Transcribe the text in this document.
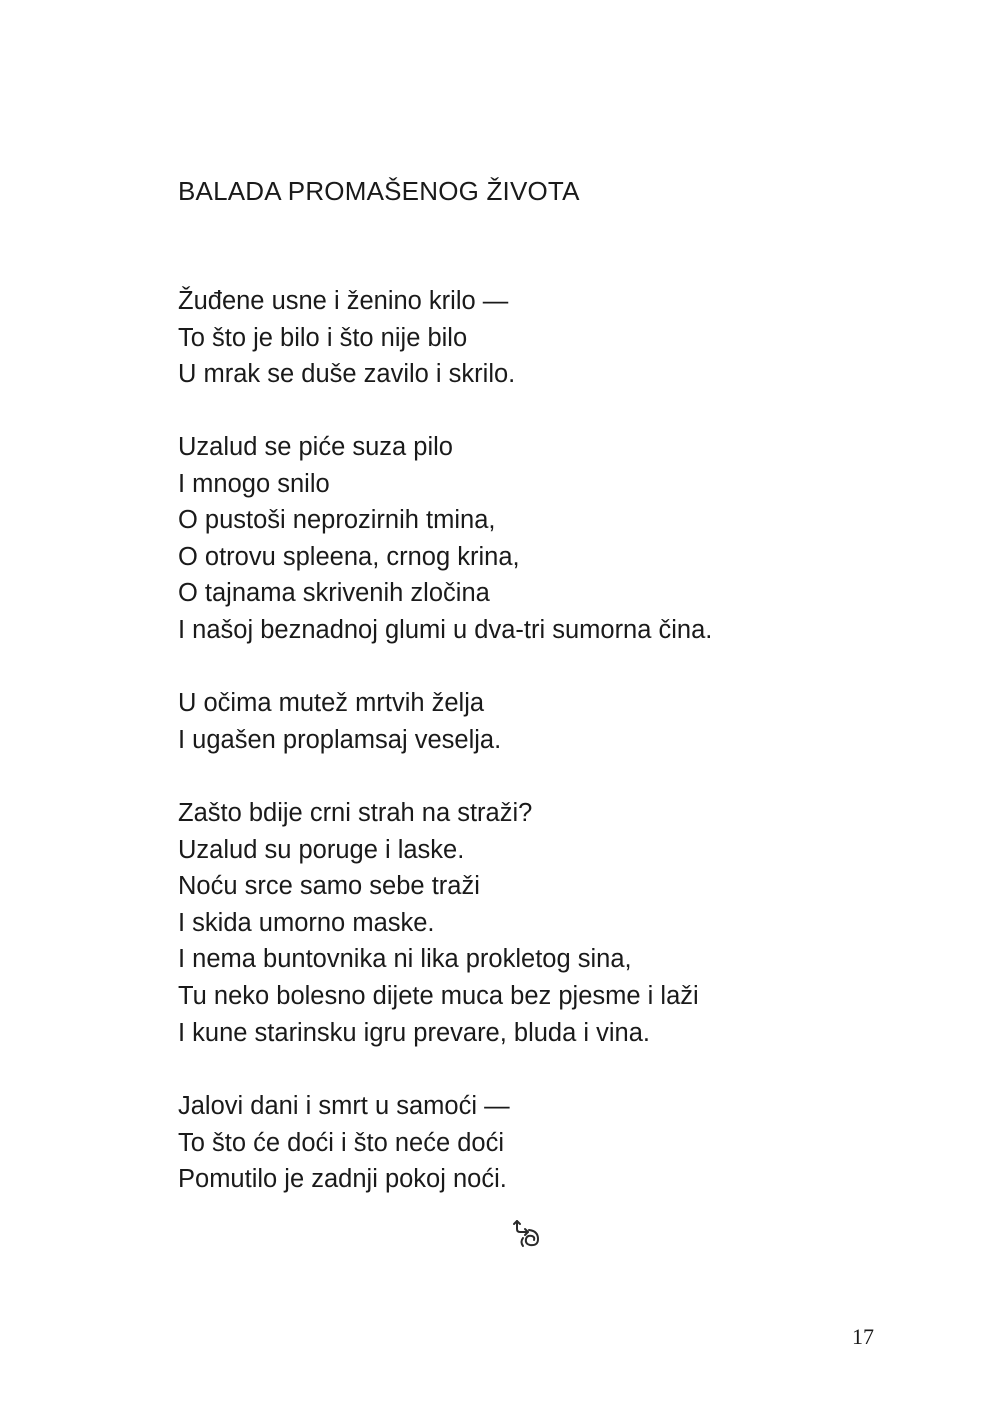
BALADA PROMAŠENOG ŽIVOTA
Žuđene usne i ženino krilo —
To što je bilo i što nije bilo
U mrak se duše zavilo i skrilo.
Uzalud se piće suza pilo
I mnogo snilo
O pustoši neprozirnih tmina,
O otrovu spleena, crnog krina,
O tajnama skrivenih zločina
I našoj beznadnoj glumi u dva-tri sumorna čina.
U očima mutež mrtvih želja
I ugašen proplamsaj veselja.
Zašto bdije crni strah na straži?
Uzalud su poruge i laske.
Noću srce samo sebe traži
I skida umorno maske.
I nema buntovnika ni lika prokletog sina,
Tu neko bolesno dijete muca bez pjesme i laži
I kune starinsku igru prevare, bluda i vina.
Jalovi dani i smrt u samoći —
To što će doći i što neće doći
Pomutilo je zadnji pokoj noći.
17
